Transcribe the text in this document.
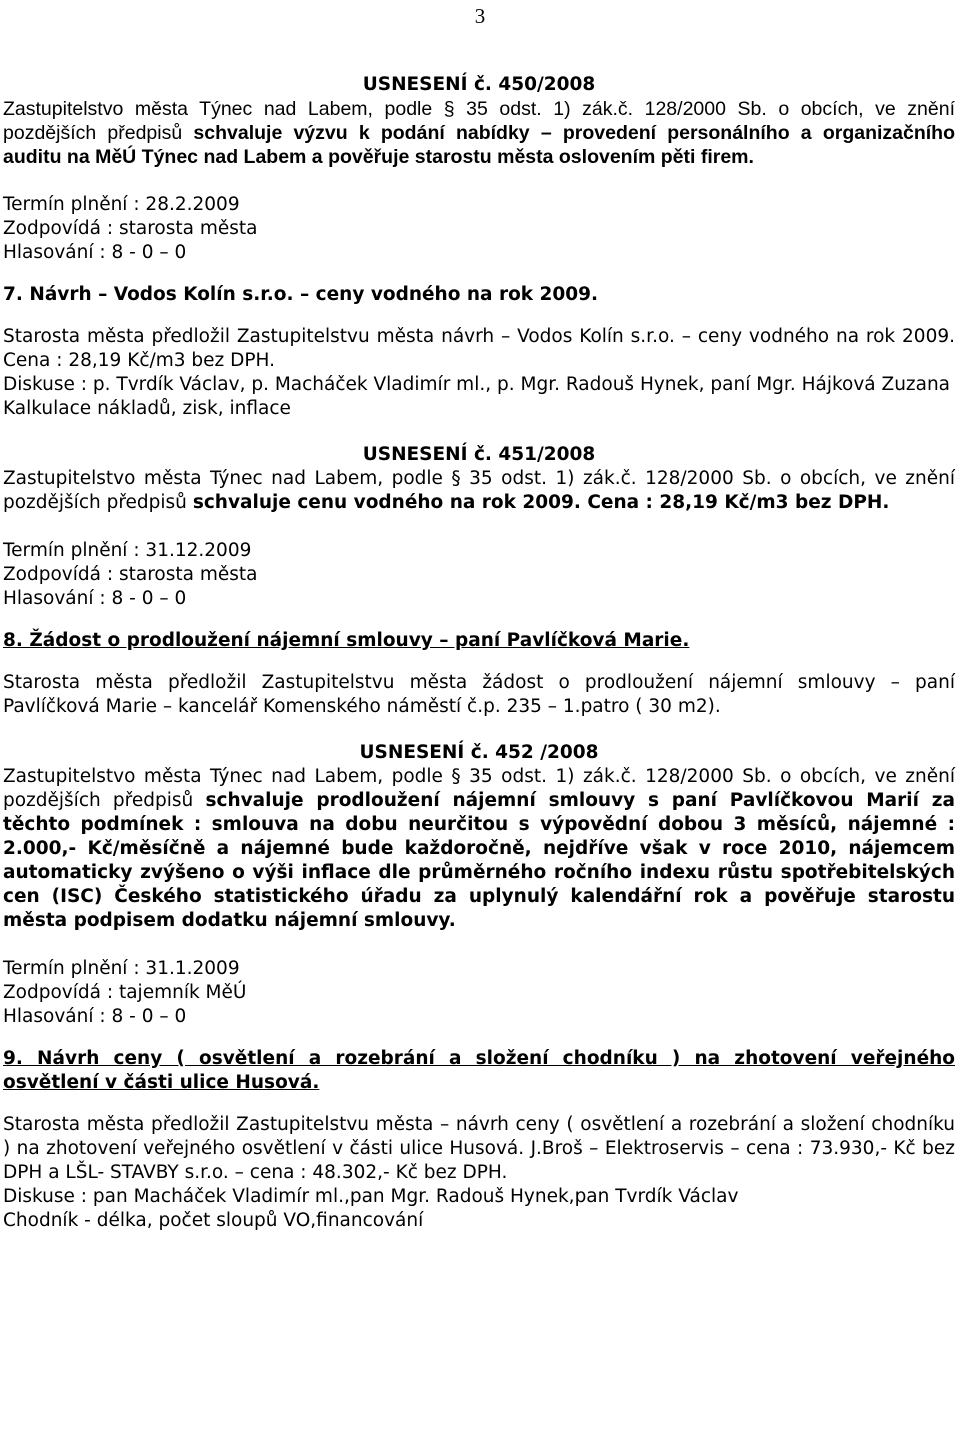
3
USNESENÍ č. 450/2008

Zastupitelstvo města Týnec nad Labem, podle § 35 odst. 1) zák.č. 128/2000 Sb. o obcích, ve znění pozdějších předpisů schvaluje výzvu k podání nabídky – provedení personálního a organizačního auditu na MěÚ Týnec nad Labem a pověřuje starostu města oslovením pěti firem.

Termín plnění : 28.2.2009
Zodpovídá : starosta města
Hlasování : 8 - 0 – 0
7. Návrh – Vodos Kolín s.r.o. – ceny vodného na rok 2009.

Starosta města předložil Zastupitelstvu města návrh – Vodos Kolín s.r.o. – ceny vodného na rok 2009. Cena : 28,19 Kč/m3 bez DPH.

Diskuse : p. Tvrdík Václav, p. Macháček Vladimír ml., p. Mgr. Radouš Hynek, paní Mgr. Hájková Zuzana

Kalkulace nákladů, zisk, inflace
USNESENÍ č. 451/2008

Zastupitelstvo města Týnec nad Labem, podle § 35 odst. 1) zák.č. 128/2000 Sb. o obcích, ve znění pozdějších předpisů schvaluje cenu vodného na rok 2009. Cena : 28,19 Kč/m3 bez DPH.

Termín plnění : 31.12.2009
Zodpovídá : starosta města
Hlasování : 8 - 0 – 0
8. Žádost o prodloužení nájemní smlouvy – paní Pavlíčková Marie.

Starosta města předložil Zastupitelstvu města žádost o prodloužení nájemní smlouvy – paní Pavlíčková Marie – kancelář Komenského náměstí č.p. 235 – 1.patro ( 30 m2).

USNESENÍ č. 452 /2008

Zastupitelstvo města Týnec nad Labem, podle § 35 odst. 1) zák.č. 128/2000 Sb. o obcích, ve znění pozdějších předpisů schvaluje prodloužení nájemní smlouvy s paní Pavlíčkovou Marií za těchto podmínek : smlouva na dobu neurčitou s výpovědní dobou 3 měsíců, nájemné : 2.000,- Kč/měsíčně a nájemné bude každoročně, nejdříve však v roce 2010, nájemcem automaticky zvýšeno o výši inflace dle průměrného ročního indexu růstu spotřebitelských cen (ISC) Českého statistického úřadu za uplynulý kalendářní rok a pověřuje starostu města podpisem dodatku nájemní smlouvy.

Termín plnění : 31.1.2009
Zodpovídá : tajemník MěÚ
Hlasování : 8 - 0 – 0
9. Návrh ceny ( osvětlení a rozebrání a složení chodníku ) na zhotovení veřejného osvětlení v části ulice Husová.

Starosta města předložil Zastupitelstvu města – návrh ceny ( osvětlení a rozebrání a složení chodníku ) na zhotovení veřejného osvětlení v části ulice Husová. J.Broš – Elektroservis – cena : 73.930,- Kč bez DPH a LŠL- STAVBY s.r.o. – cena : 48.302,- Kč bez DPH.

Diskuse : pan Macháček Vladimír ml.,pan Mgr. Radouš Hynek,pan Tvrdík Václav
Chodník - délka, počet sloupů VO,financování
